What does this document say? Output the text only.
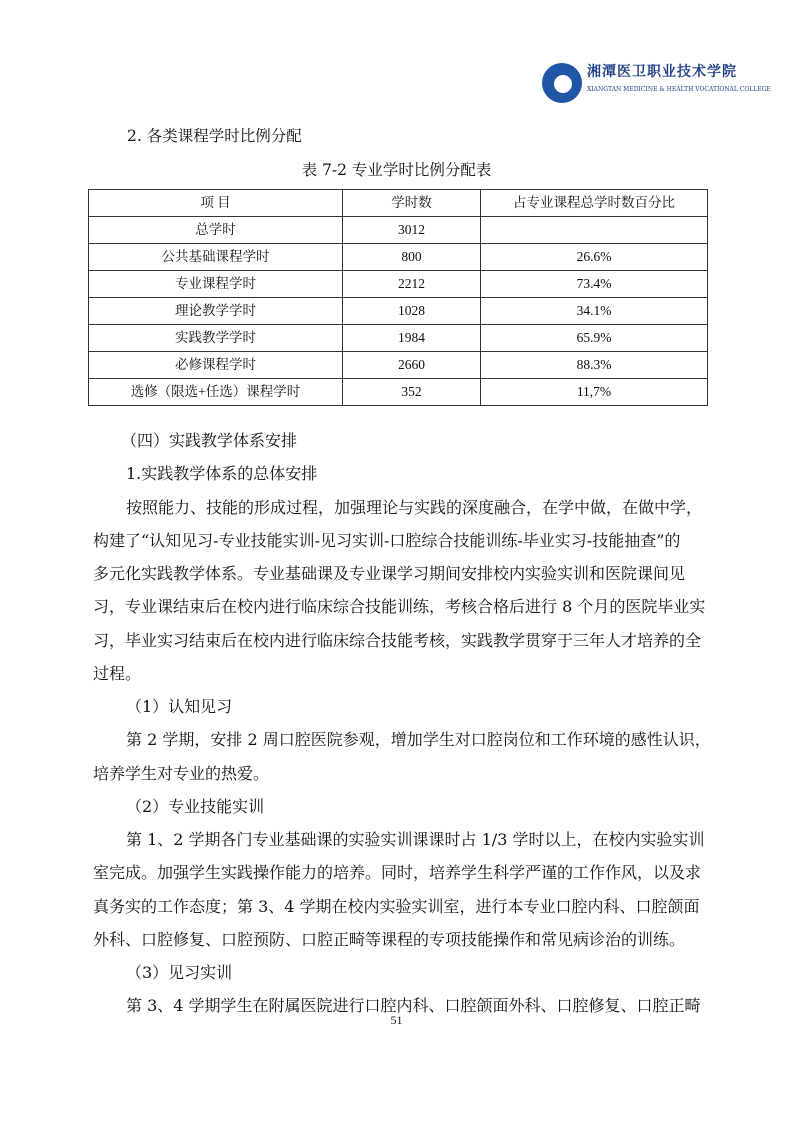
湘潭医卫职业技术学院
XIANGTAN MEDICINE & HEALTH VOCATIONAL COLLEGE
2. 各类课程学时比例分配
表 7-2 专业学时比例分配表
项 目	学时数	占专业课程总学时数百分比
总学时	3012	
公共基础课程学时	800	26.6%
专业课程学时	2212	73.4%
理论教学学时	1028	34.1%
实践教学学时	1984	65.9%
必修课程学时	2660	88.3%
选修（限选+任选）课程学时	352	11,7%
（四）实践教学体系安排
1.实践教学体系的总体安排
按照能力、技能的形成过程，加强理论与实践的深度融合，在学中做，在做中学，
构建了“认知见习-专业技能实训-见习实训-口腔综合技能训练-毕业实习-技能抽查”的
多元化实践教学体系。专业基础课及专业课学习期间安排校内实验实训和医院课间见
习，专业课结束后在校内进行临床综合技能训练，考核合格后进行 8 个月的医院毕业实
习，毕业实习结束后在校内进行临床综合技能考核，实践教学贯穿于三年人才培养的全
过程。
（1）认知见习
第 2 学期，安排 2 周口腔医院参观，增加学生对口腔岗位和工作环境的感性认识，
培养学生对专业的热爱。
（2）专业技能实训
第 1、2 学期各门专业基础课的实验实训课课时占 1/3 学时以上，在校内实验实训
室完成。加强学生实践操作能力的培养。同时，培养学生科学严谨的工作作风，以及求
真务实的工作态度；第 3、4 学期在校内实验实训室，进行本专业口腔内科、口腔颌面
外科、口腔修复、口腔预防、口腔正畸等课程的专项技能操作和常见病诊治的训练。
（3）见习实训
第 3、4 学期学生在附属医院进行口腔内科、口腔颌面外科、口腔修复、口腔正畸
51
